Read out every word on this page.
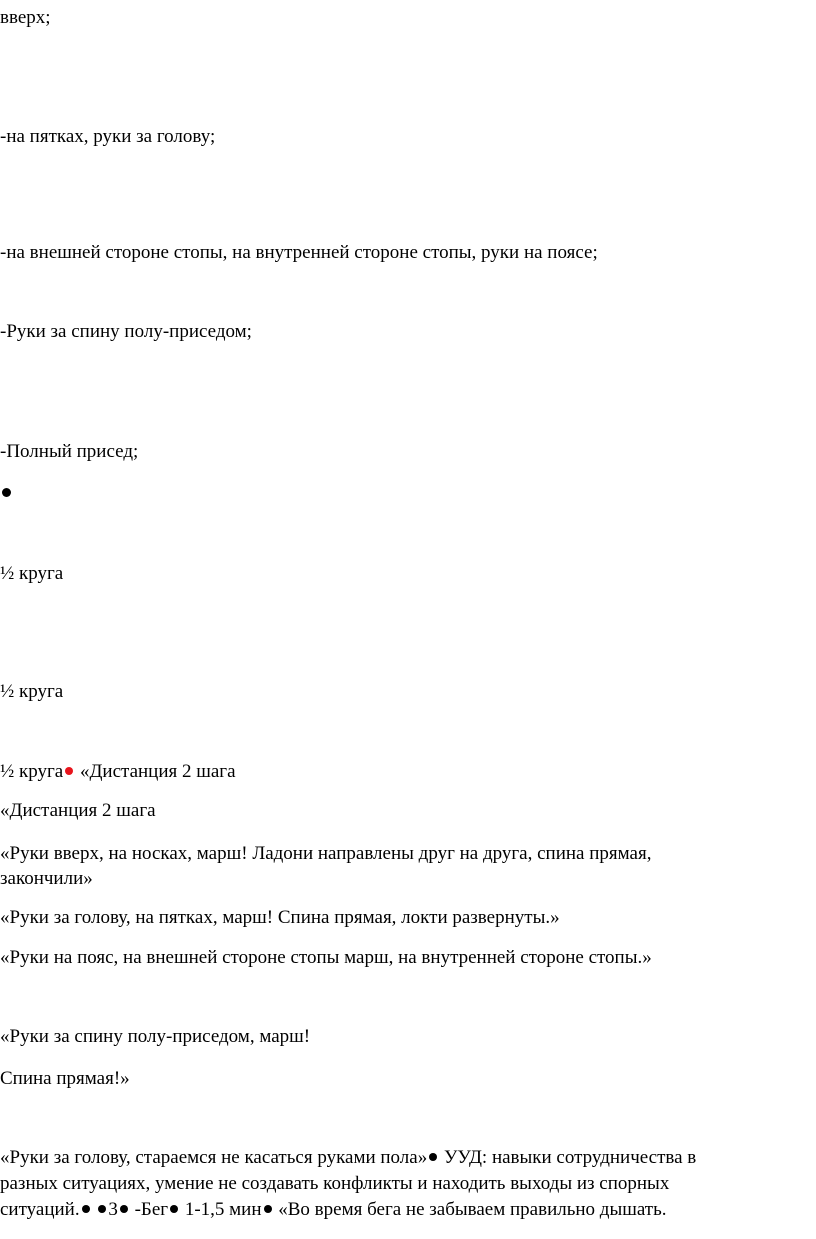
вверх;

-на пятках, руки за голову;

-на внешней стороне стопы, на внутренней стороне стопы, руки на поясе;

-Руки за спину полу-приседом;

-Полный присед;

½ круга

½ круга

½ круга «Дистанция 2 шага

«Дистанция 2 шага

«Руки вверх, на носках, марш! Ладони направлены друг на друга, спина прямая,

закончили»

«Руки за голову, на пятках, марш! Спина прямая, локти развернуты.»

«Руки на пояс, на внешней стороне стопы марш, на внутренней стороне стопы.»

«Руки за спину полу-приседом, марш!

Спина прямая!»

«Руки за голову, стараемся не касаться руками пола» УУД: навыки сотрудничества в

разных ситуациях, умение не создавать конфликты и находить выходы из спорных

ситуаций. 3 -Бег 1-1,5 мин «Во время бега не забываем правильно дышать.
